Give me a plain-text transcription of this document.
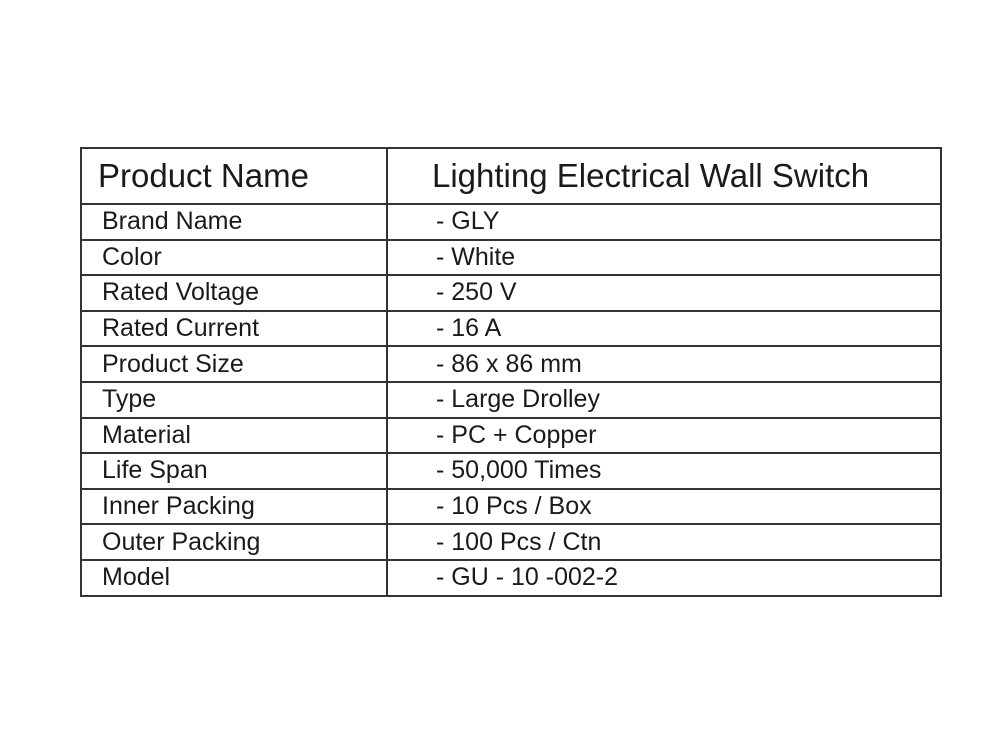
Product Name	Lighting Electrical Wall Switch
Brand Name	- GLY
Color	- White
Rated Voltage	- 250 V
Rated Current	- 16 A
Product Size	- 86 x 86 mm
Type	- Large Drolley
Material	- PC + Copper
Life Span	- 50,000 Times
Inner Packing	- 10 Pcs / Box
Outer Packing	- 100 Pcs / Ctn
Model	- GU - 10 -002-2
